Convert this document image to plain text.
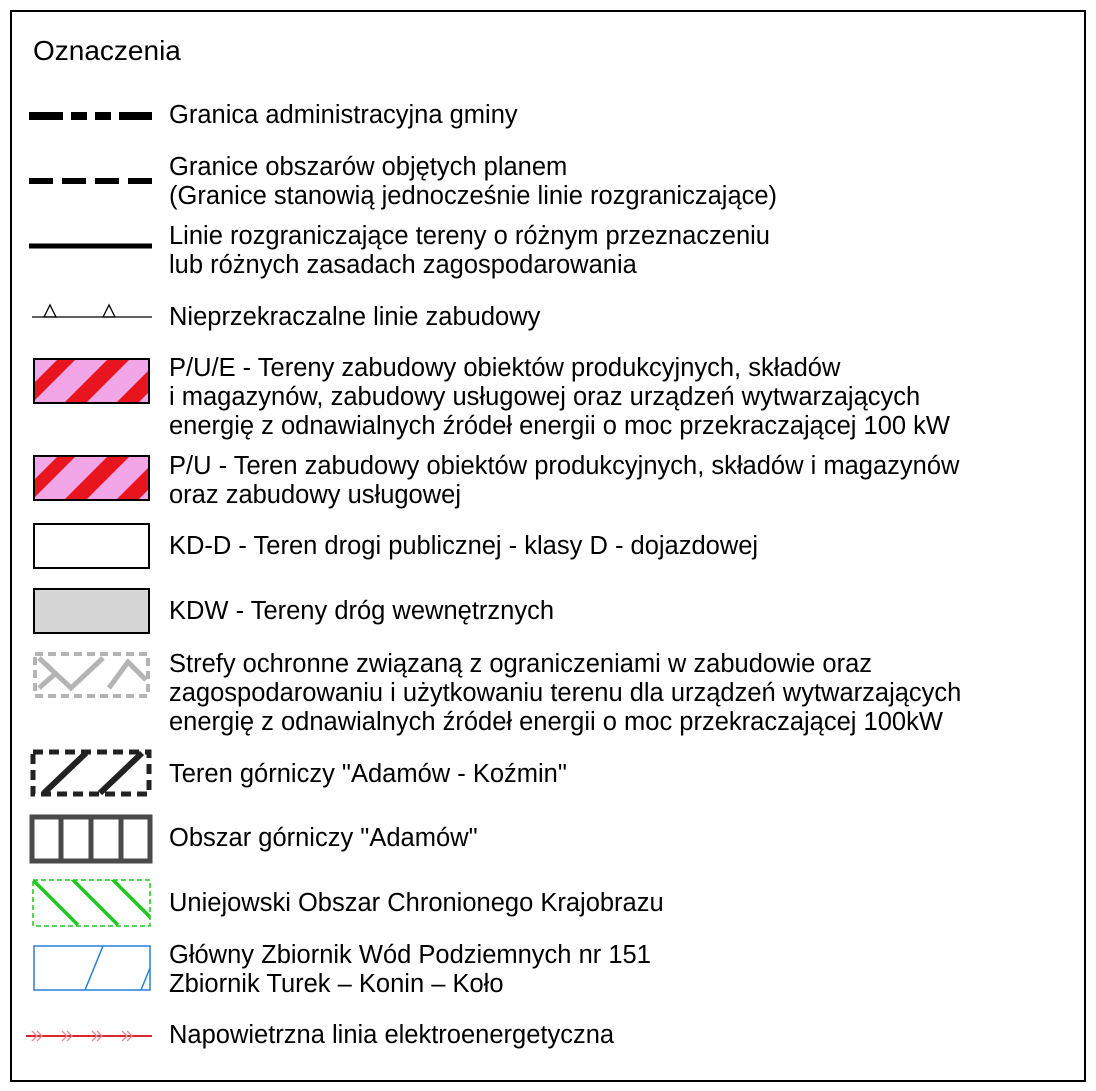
Oznaczenia
Granica administracyjna gminy
Granice obszarów objętych planem
(Granice stanowią jednocześnie linie rozgraniczające)
Linie rozgraniczające tereny o różnym przeznaczeniu
lub różnych zasadach zagospodarowania
Nieprzekraczalne linie zabudowy
P/U/E - Tereny zabudowy obiektów produkcyjnych, składów
i magazynów, zabudowy usługowej oraz urządzeń wytwarzających
energię z odnawialnych źródeł energii o moc przekraczającej 100 kW
P/U - Teren zabudowy obiektów produkcyjnych, składów i magazynów
oraz zabudowy usługowej
KD-D - Teren drogi publicznej - klasy D - dojazdowej
KDW - Tereny dróg wewnętrznych
Strefy ochronne związaną z ograniczeniami w zabudowie oraz
zagospodarowaniu i użytkowaniu terenu dla urządzeń wytwarzających
energię z odnawialnych źródeł energii o moc przekraczającej 100kW
Teren górniczy "Adamów - Koźmin"
Obszar górniczy "Adamów"
Uniejowski Obszar Chronionego Krajobrazu
Główny Zbiornik Wód Podziemnych nr 151
Zbiornik Turek – Konin – Koło
Napowietrzna linia elektroenergetyczna
